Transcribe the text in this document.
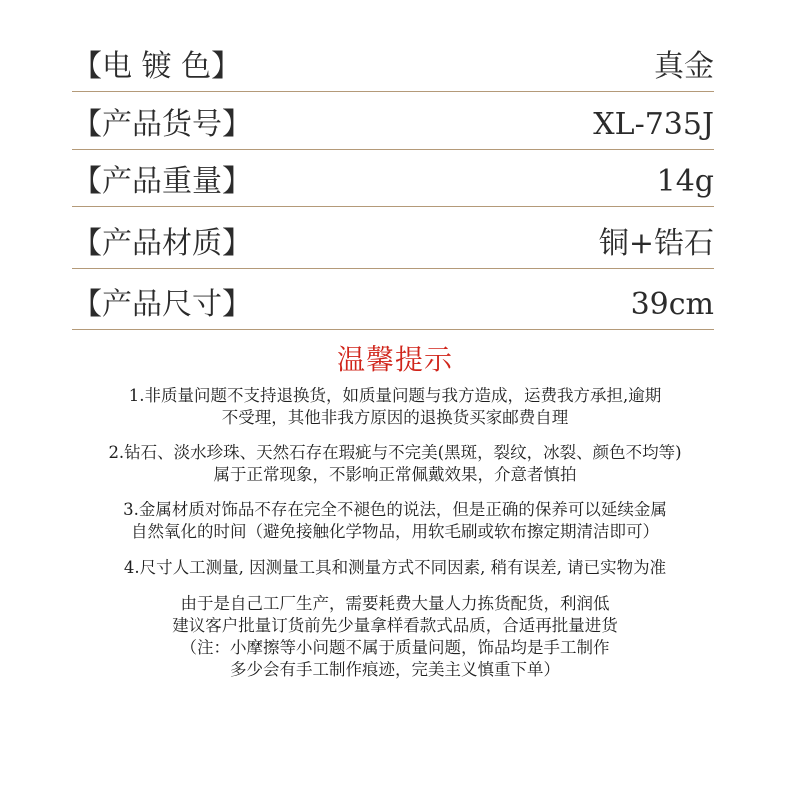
【电 镀 色】	真金
【产品货号】	XL-735J
【产品重量】	14g
【产品材质】	铜+锆石
【产品尺寸】	39cm
温馨提示
1.非质量问题不支持退换货，如质量问题与我方造成，运费我方承担,逾期
不受理，其他非我方原因的退换货买家邮费自理
2.钻石、淡水珍珠、天然石存在瑕疵与不完美(黑斑，裂纹，冰裂、颜色不均等)
属于正常现象，不影响正常佩戴效果，介意者慎拍
3.金属材质对饰品不存在完全不褪色的说法，但是正确的保养可以延续金属
自然氧化的时间（避免接触化学物品，用软毛刷或软布擦定期清洁即可）
4.尺寸人工测量, 因测量工具和测量方式不同因素, 稍有误差, 请已实物为准
由于是自己工厂生产，需要耗费大量人力拣货配货，利润低
建议客户批量订货前先少量拿样看款式品质，合适再批量进货
（注：小摩擦等小问题不属于质量问题，饰品均是手工制作
多少会有手工制作痕迹，完美主义慎重下单）
